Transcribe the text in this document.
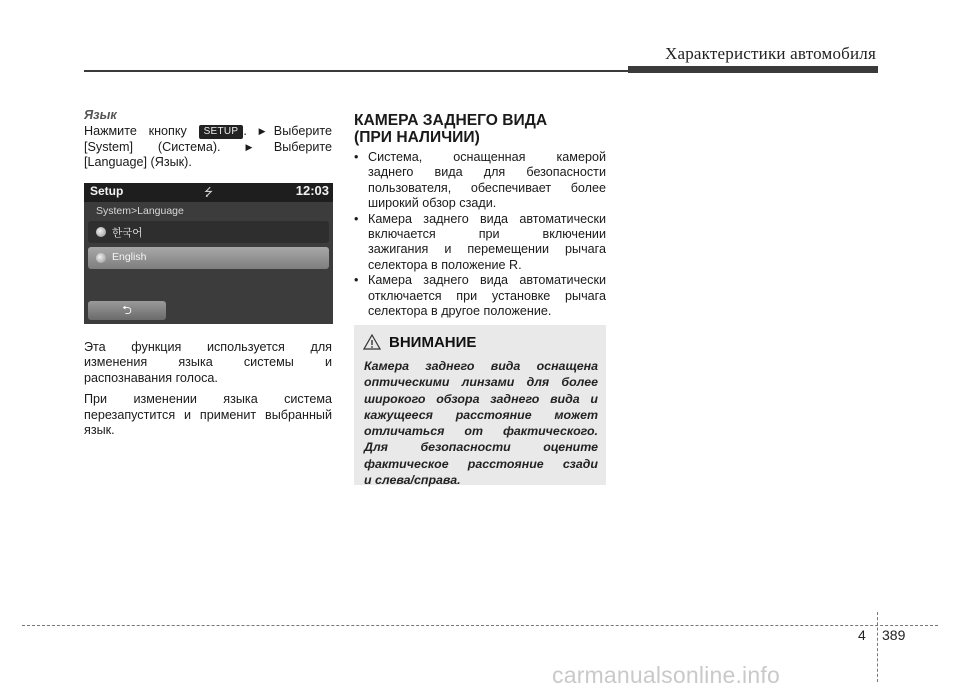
Характеристики автомобиля
Язык
Нажмите кнопку SETUP . ▶Выберите
[System] (Система).	▶Выберите
[Language] (Язык).
Setup	⭍	12:03
System>Language
한국어
English
⮌
Эта функция используется для
изменения языка системы и
распознавания голоса.
При изменении языка система
перезапустится и применит выбранный
язык.
КАМЕРА ЗАДНЕГО ВИДА
(ПРИ НАЛИЧИИ)
• Система, оснащенная камерой
заднего вида для безопасности
пользователя, обеспечивает более
широкий обзор сзади.
• Камера заднего вида автоматически
включается при включении
зажигания и перемещении рычага
селектора в положение R.
• Камера заднего вида автоматически
отключается при установке рычага
селектора в другое положение.
ВНИМАНИЕ
Камера заднего вида оснащена
оптическими линзами для более
широкого обзора заднего вида и
кажущееся расстояние может
отличаться от фактического.
Для безопасности оцените
фактическое расстояние сзади
и слева/справа.
4 389
carmanualsonline.info
